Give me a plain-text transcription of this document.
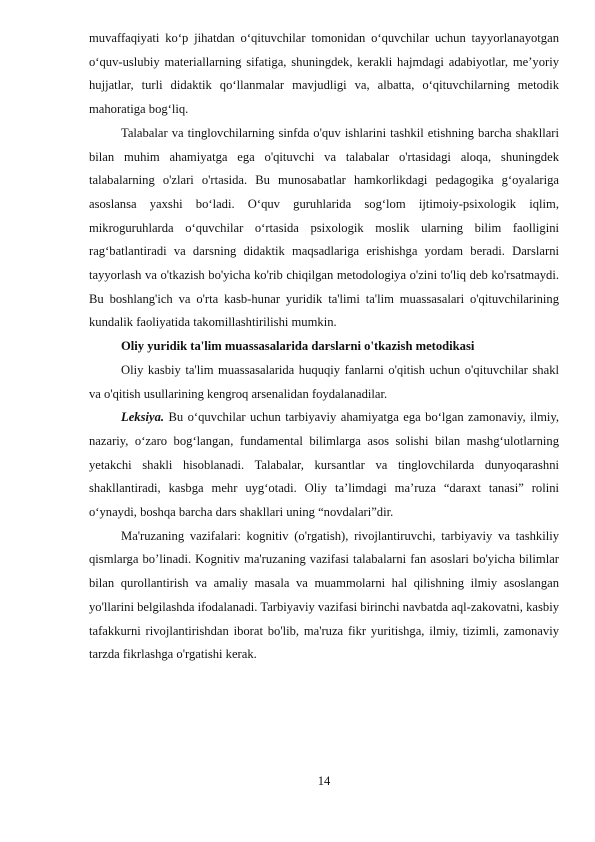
muvaffaqiyati ko‘p jihatdan o‘qituvchilar tomonidan o‘quvchilar uchun tayyorlanayotgan o‘quv-uslubiy materiallarning sifatiga, shuningdek, kerakli hajmdagi adabiyotlar, me’yoriy hujjatlar, turli didaktik qo‘llanmalar mavjudligi va, albatta, o‘qituvchilarning metodik mahoratiga bog‘liq.

Talabalar va tinglovchilarning sinfda o'quv ishlarini tashkil etishning barcha shakllari bilan muhim ahamiyatga ega o'qituvchi va talabalar o'rtasidagi aloqa, shuningdek talabalarning o'zlari o'rtasida. Bu munosabatlar hamkorlikdagi pedagogika g‘oyalariga asoslansa yaxshi bo‘ladi. O‘quv guruhlarida sog‘lom ijtimoiy-psixologik iqlim, mikroguruhlarda o‘quvchilar o‘rtasida psixologik moslik ularning bilim faolligini rag‘batlantiradi va darsning didaktik maqsadlariga erishishga yordam beradi. Darslarni tayyorlash va o'tkazish bo'yicha ko'rib chiqilgan metodologiya o'zini to'liq deb ko'rsatmaydi. Bu boshlang'ich va o'rta kasb-hunar yuridik ta'limi ta'lim muassasalari o'qituvchilarining kundalik faoliyatida takomillashtirilishi mumkin.

Oliy yuridik ta'lim muassasalarida darslarni o'tkazish metodikasi

Oliy kasbiy ta'lim muassasalarida huquqiy fanlarni o'qitish uchun o'qituvchilar shakl va o'qitish usullarining kengroq arsenalidan foydalanadilar.

Leksiya. Bu o‘quvchilar uchun tarbiyaviy ahamiyatga ega bo‘lgan zamonaviy, ilmiy, nazariy, o‘zaro bog‘langan, fundamental bilimlarga asos solishi bilan mashg‘ulotlarning yetakchi shakli hisoblanadi. Talabalar, kursantlar va tinglovchilarda dunyoqarashni shakllantiradi, kasbga mehr uyg‘otadi. Oliy ta’limdagi ma’ruza “daraxt tanasi” rolini o‘ynaydi, boshqa barcha dars shakllari uning “novdalari”dir.

Ma'ruzaning vazifalari: kognitiv (o'rgatish), rivojlantiruvchi, tarbiyaviy va tashkiliy qismlarga bo’linadi. Kognitiv ma'ruzaning vazifasi talabalarni fan asoslari bo'yicha bilimlar bilan qurollantirish va amaliy masala va muammolarni hal qilishning ilmiy asoslangan yo'llarini belgilashda ifodalanadi. Tarbiyaviy vazifasi birinchi navbatda aql-zakovatni, kasbiy tafakkurni rivojlantirishdan iborat bo'lib, ma'ruza fikr yuritishga, ilmiy, tizimli, zamonaviy tarzda fikrlashga o'rgatishi kerak.

14
